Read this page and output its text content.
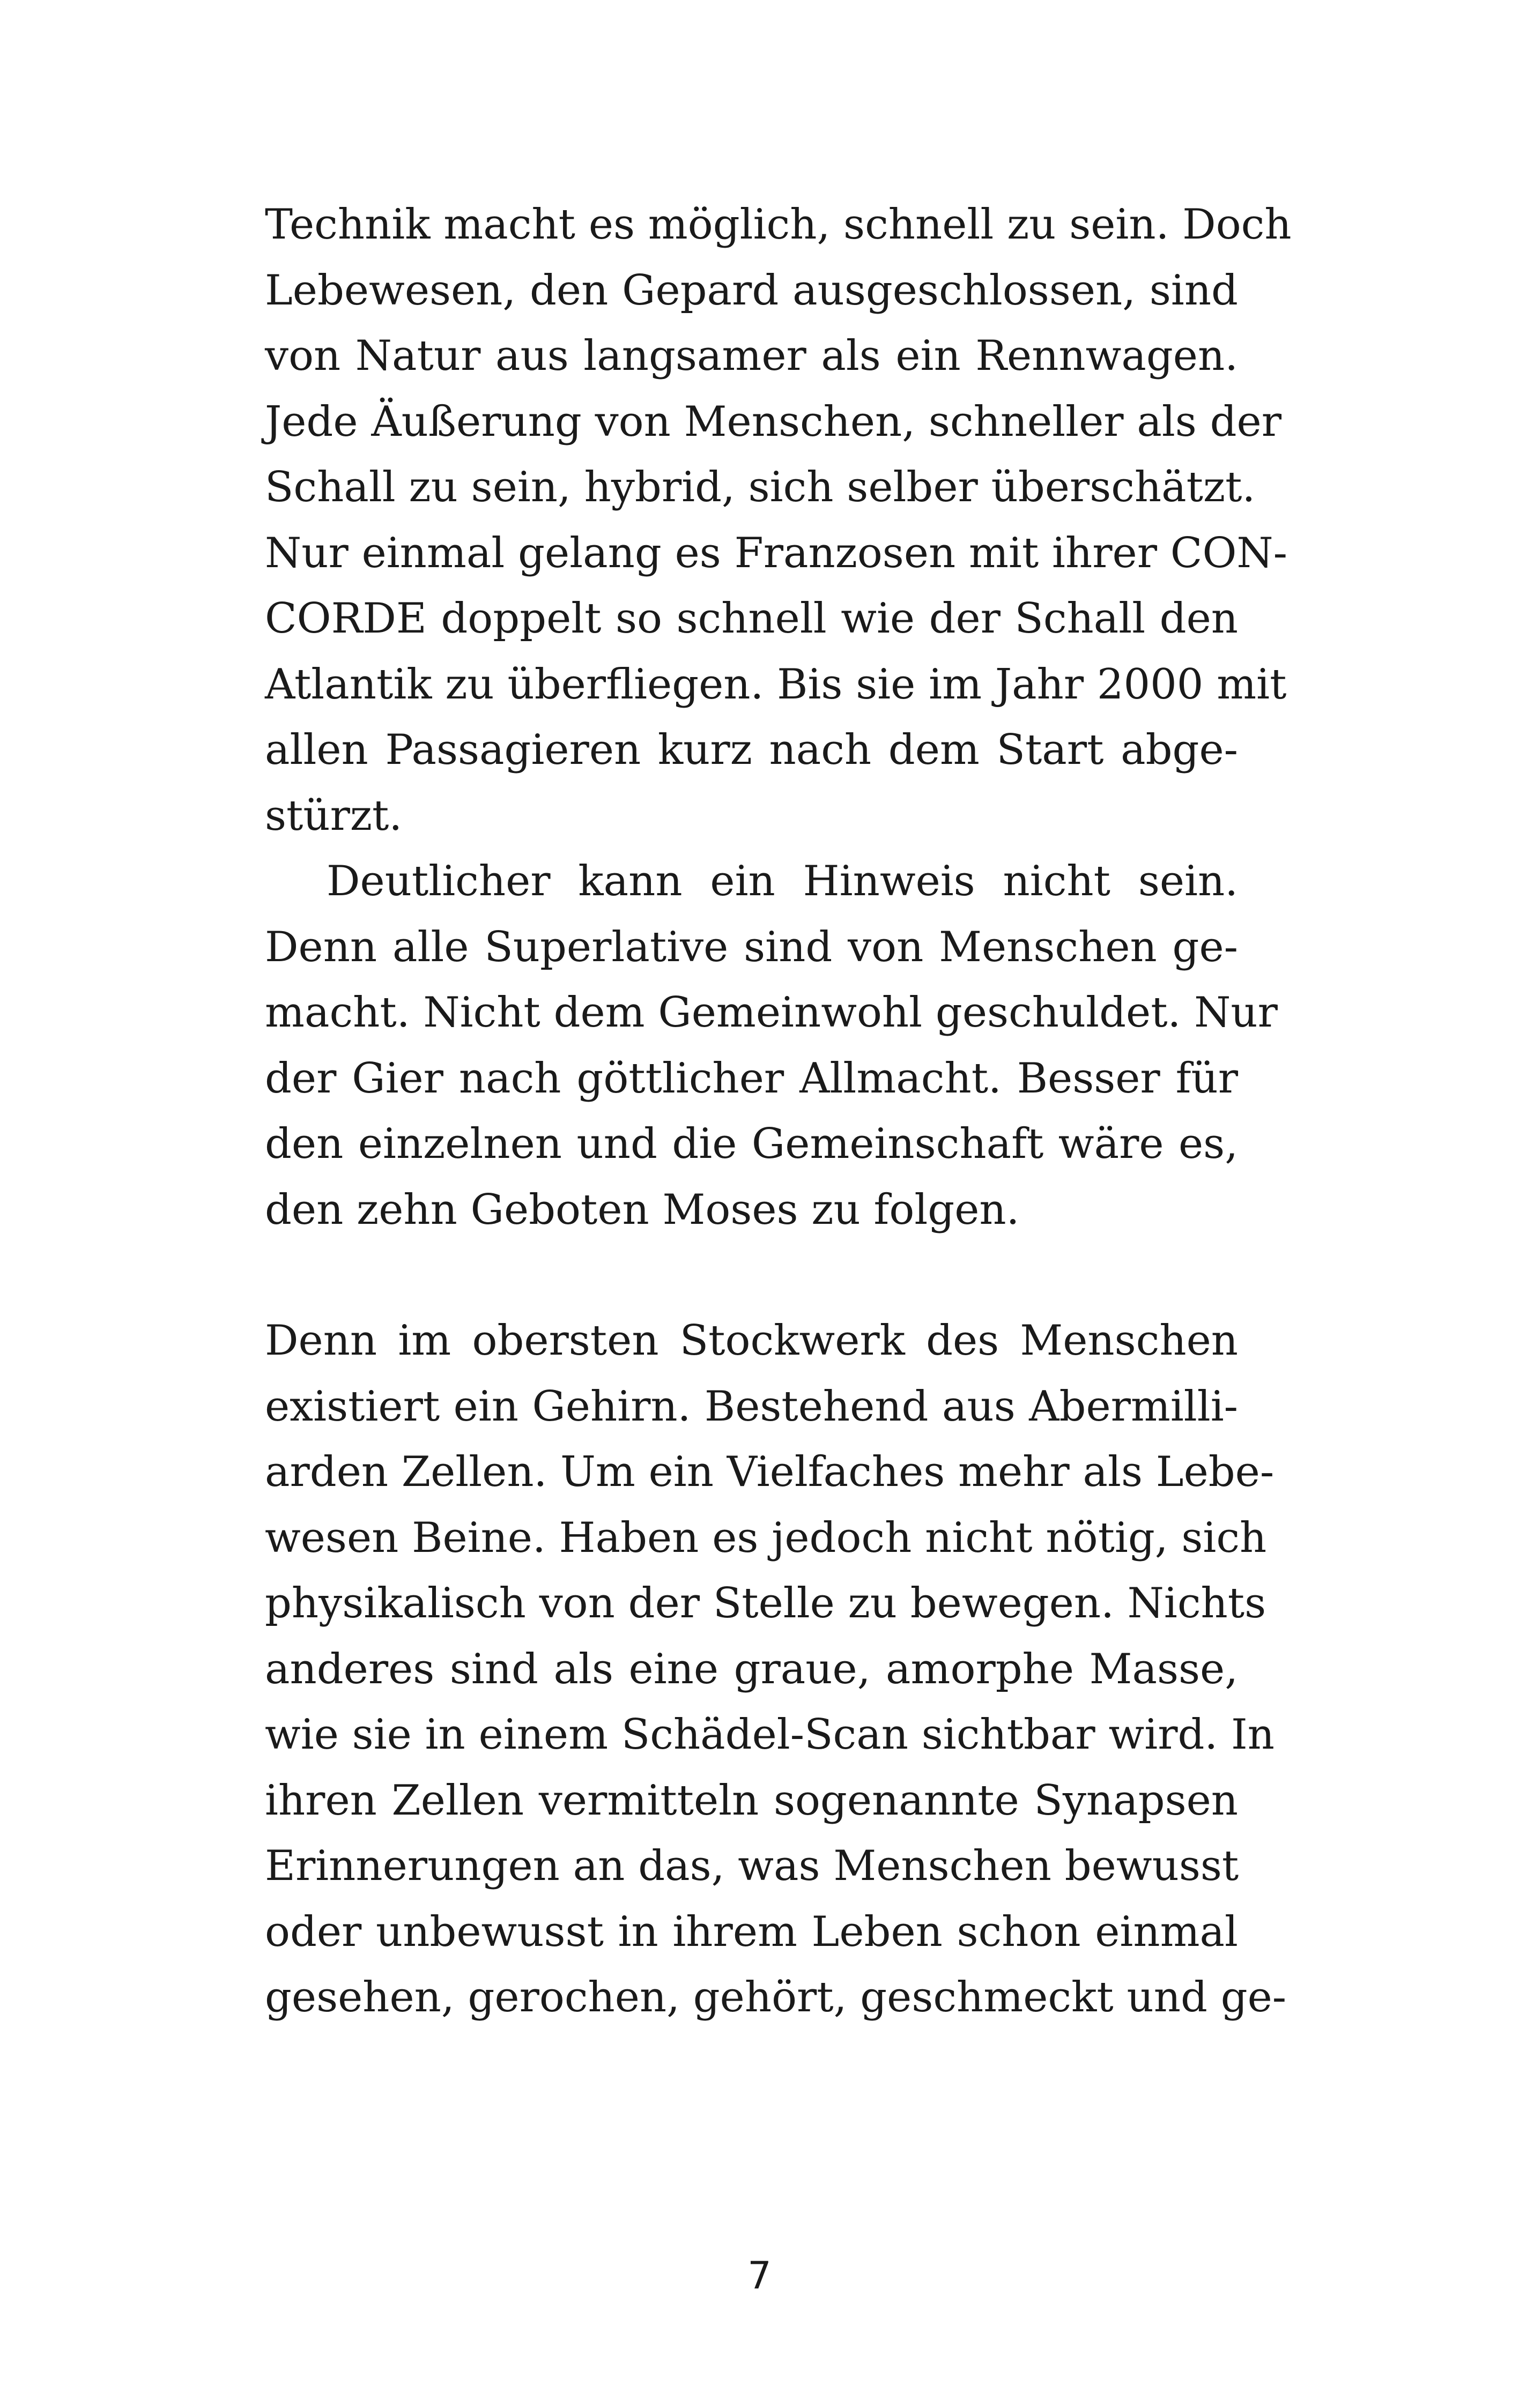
Technik macht es möglich, schnell zu sein. Doch
Lebewesen, den Gepard ausgeschlossen, sind
von Natur aus langsamer als ein Rennwagen.
Jede Äußerung von Menschen, schneller als der
Schall zu sein, hybrid, sich selber überschätzt.
Nur einmal gelang es Franzosen mit ihrer CON-
CORDE doppelt so schnell wie der Schall den
Atlantik zu überfliegen. Bis sie im Jahr 2000 mit
allen Passagieren kurz nach dem Start abge-
stürzt.
Deutlicher kann ein Hinweis nicht sein.
Denn alle Superlative sind von Menschen ge-
macht. Nicht dem Gemeinwohl geschuldet. Nur
der Gier nach göttlicher Allmacht. Besser für
den einzelnen und die Gemeinschaft wäre es,
den zehn Geboten Moses zu folgen.
Denn im obersten Stockwerk des Menschen
existiert ein Gehirn. Bestehend aus Abermilli-
arden Zellen. Um ein Vielfaches mehr als Lebe-
wesen Beine. Haben es jedoch nicht nötig, sich
physikalisch von der Stelle zu bewegen. Nichts
anderes sind als eine graue, amorphe Masse,
wie sie in einem Schädel-Scan sichtbar wird. In
ihren Zellen vermitteln sogenannte Synapsen
Erinnerungen an das, was Menschen bewusst
oder unbewusst in ihrem Leben schon einmal
gesehen, gerochen, gehört, geschmeckt und ge-
7
